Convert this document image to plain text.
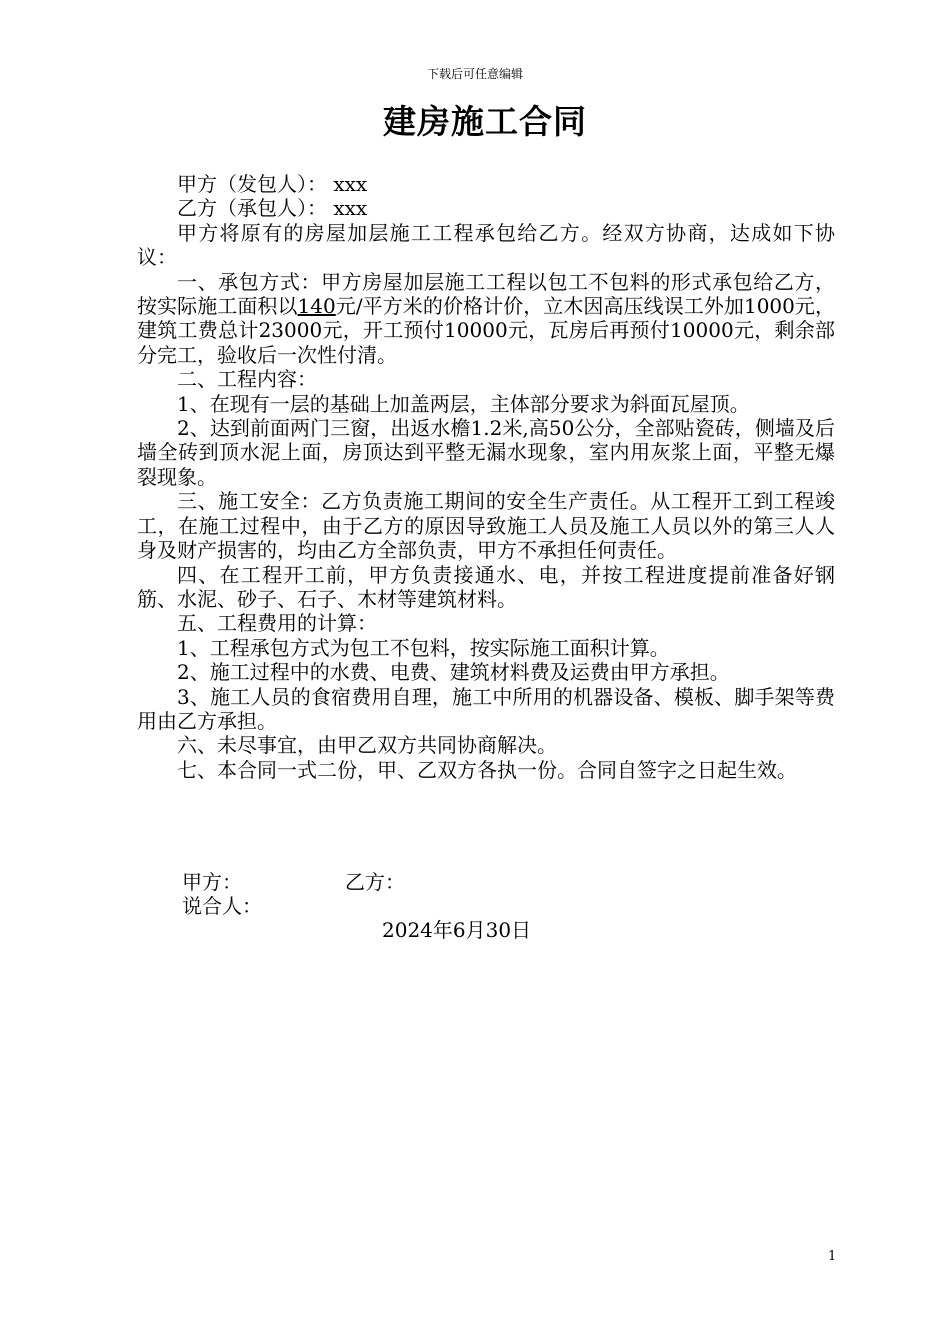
下载后可任意编辑
建房施工合同

甲方（发包人）： xxx

乙方（承包人）： xxx

甲方将原有的房屋加层施工工程承包给乙方。经双方协商，达成如下协议：

一、承包方式：甲方房屋加层施工工程以包工不包料的形式承包给乙方，按实际施工面积以140元/平方米的价格计价，立木因高压线误工外加1000元，建筑工费总计23000元，开工预付10000元，瓦房后再预付10000元，剩余部分完工，验收后一次性付清。

二、工程内容：

1、在现有一层的基础上加盖两层，主体部分要求为斜面瓦屋顶。

2、达到前面两门三窗，出返水檐1.2米,高50公分，全部贴瓷砖，侧墙及后墙全砖到顶水泥上面，房顶达到平整无漏水现象，室内用灰浆上面，平整无爆裂现象。

三、施工安全：乙方负责施工期间的安全生产责任。从工程开工到工程竣工，在施工过程中，由于乙方的原因导致施工人员及施工人员以外的第三人人身及财产损害的，均由乙方全部负责，甲方不承担任何责任。

四、在工程开工前，甲方负责接通水、电，并按工程进度提前准备好钢筋、水泥、砂子、石子、木材等建筑材料。

五、工程费用的计算：

1、工程承包方式为包工不包料，按实际施工面积计算。

2、施工过程中的水费、电费、建筑材料费及运费由甲方承担。

3、施工人员的食宿费用自理，施工中所用的机器设备、模板、脚手架等费用由乙方承担。

六、未尽事宜，由甲乙双方共同协商解决。

七、本合同一式二份，甲、乙双方各执一份。合同自签字之日起生效。

甲方：	乙方：
说合人：
2024年6月30日
1
